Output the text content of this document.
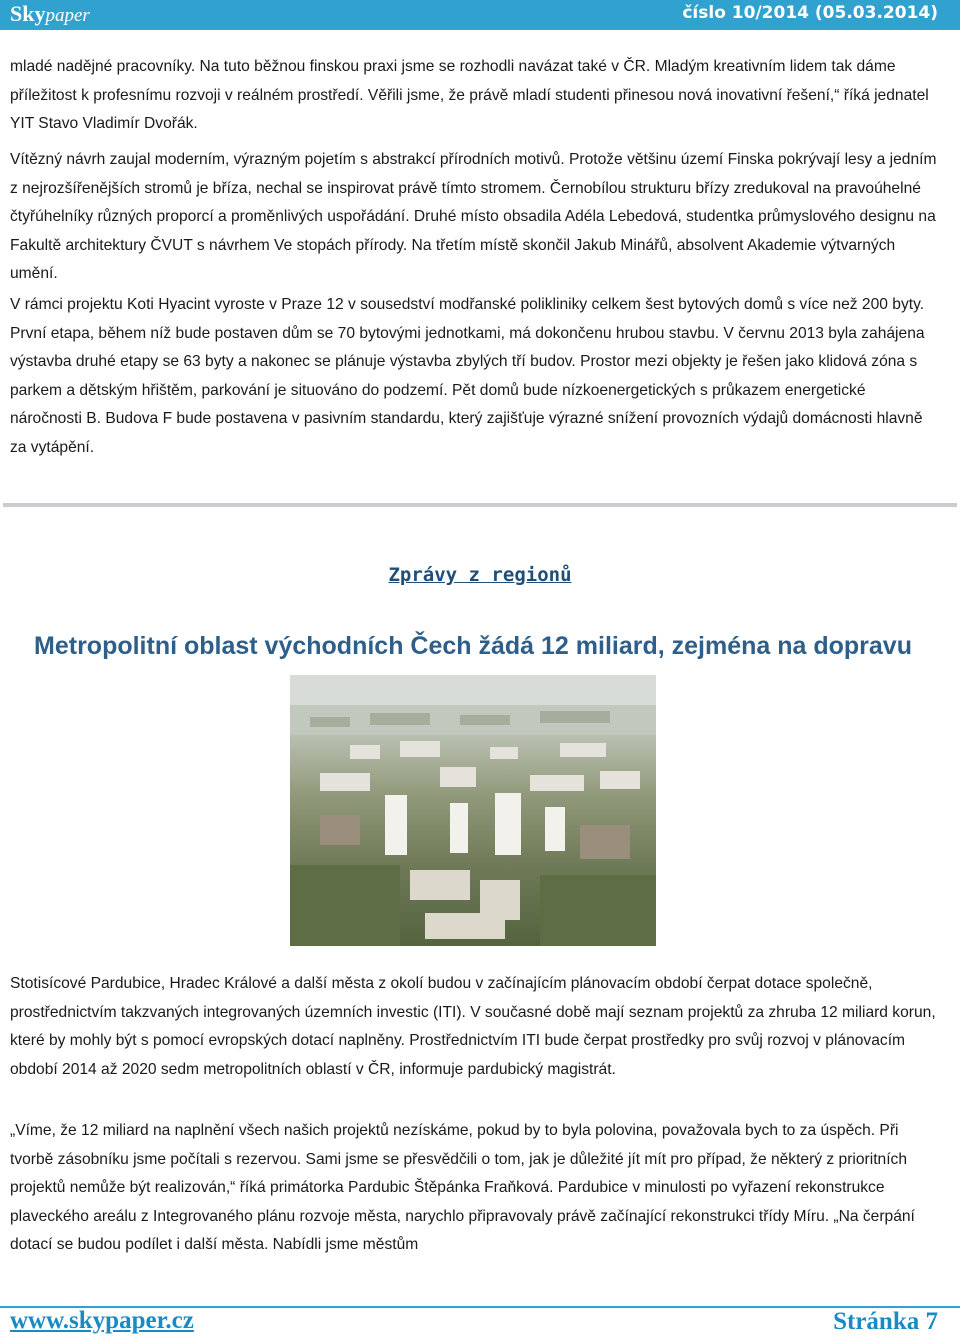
Skypaper	číslo 10/2014 (05.03.2014)

mladé nadějné pracovníky. Na tuto běžnou finskou praxi jsme se rozhodli navázat také v ČR. Mladým kreativním lidem tak dáme příležitost k profesnímu rozvoji v reálném prostředí. Věřili jsme, že právě mladí studenti přinesou nová inovativní řešení,“ říká jednatel YIT Stavo Vladimír Dvořák.

Vítězný návrh zaujal moderním, výrazným pojetím s abstrakcí přírodních motivů. Protože většinu území Finska pokrývají lesy a jedním z nejrozšířenějších stromů je bříza, nechal se inspirovat právě tímto stromem. Černobílou strukturu břízy zredukoval na pravoúhelné čtyřúhelníky různých proporcí a proměnlivých uspořádání. Druhé místo obsadila Adéla Lebedová, studentka průmyslového designu na Fakultě architektury ČVUT s návrhem Ve stopách přírody. Na třetím místě skončil Jakub Minářů, absolvent Akademie výtvarných umění.

V rámci projektu Koti Hyacint vyroste v Praze 12 v sousedství modřanské polikliniky celkem šest bytových domů s více než 200 byty. První etapa, během níž bude postaven dům se 70 bytovými jednotkami, má dokončenu hrubou stavbu. V červnu 2013 byla zahájena výstavba druhé etapy se 63 byty a nakonec se plánuje výstavba zbylých tří budov. Prostor mezi objekty je řešen jako klidová zóna s parkem a dětským hřištěm, parkování je situováno do podzemí. Pět domů bude nízkoenergetických s průkazem energetické náročnosti B. Budova F bude postavena v pasivním standardu, který zajišťuje výrazné snížení provozních výdajů domácnosti hlavně za vytápění.

Zprávy z regionů
Metropolitní oblast východních Čech žádá 12 miliard, zejména na dopravu

Stotisícové Pardubice, Hradec Králové a další města z okolí budou v začínajícím plánovacím období čerpat dotace společně, prostřednictvím takzvaných integrovaných územních investic (ITI). V současné době mají seznam projektů za zhruba 12 miliard korun, které by mohly být s pomocí evropských dotací naplněny. Prostřednictvím ITI bude čerpat prostředky pro svůj rozvoj v plánovacím období 2014 až 2020 sedm metropolitních oblastí v ČR, informuje pardubický magistrát.

„Víme, že 12 miliard na naplnění všech našich projektů nezískáme, pokud by to byla polovina, považovala bych to za úspěch. Při tvorbě zásobníku jsme počítali s rezervou. Sami jsme se přesvědčili o tom, jak je důležité jít mít pro případ, že některý z prioritních projektů nemůže být realizován,“ říká primátorka Pardubic Štěpánka Fraňková. Pardubice v minulosti po vyřazení rekonstrukce plaveckého areálu z Integrovaného plánu rozvoje města, narychlo připravovaly právě začínající rekonstrukci třídy Míru. „Na čerpání dotací se budou podílet i další města. Nabídli jsme městům

www.skypaper.cz	Stránka 7
